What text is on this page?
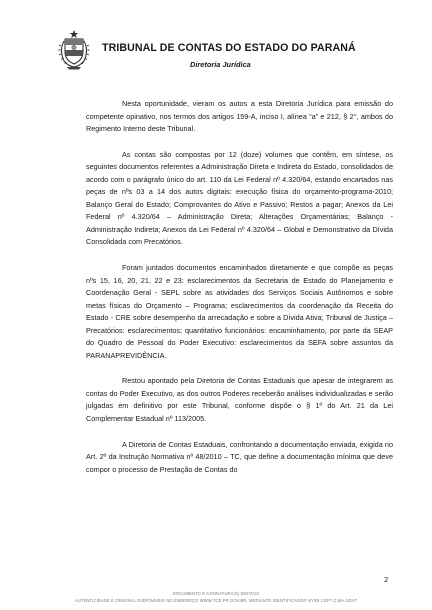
TRIBUNAL DE CONTAS DO ESTADO DO PARANÁ
Diretoria Jurídica

Nesta oportunidade, vieram os autos a esta Diretoria Jurídica para emissão do competente opinativo, nos termos dos artigos 159-A, inciso I, alínea “a” e 212, § 2°, ambos do Regimento Interno deste Tribunal.

As contas são compostas por 12 (doze) volumes que contêm, em síntese, os seguintes documentos referentes a Administração Direta e Indireta do Estado, consolidados de acordo com o parágrafo único do art. 110 da Lei Federal nº 4.320/64, estando encartados nas peças de nºs 03 a 14 dos autos digitais: execução física do orçamento-programa-2010; Balanço Geral do Estado; Comprovantes do Ativo e Passivo; Restos a pagar; Anexos da Lei Federal nº 4.320/64 – Administração Direta; Alterações Orçamentárias; Balanço - Administração Indireta; Anexos da Lei Federal nº 4.320/64 – Global e Demonstrativo da Dívida Consolidada com Precatórios.

Foram juntados documentos encaminhados diretamente e que compõe as peças nºs 15, 16, 20, 21, 22 e 23: esclarecimentos da Secretaria de Estado do Planejamento e Coordenação Geral - SEPL sobre as atividades dos Serviços Sociais Autônomos e sobre metas físicas do Orçamento – Programa; esclarecimentos da coordenação da Receita do Estado - CRE sobre desempenho da arrecadação e sobre a Dívida Ativa; Tribunal de Justiça – Precatórios: esclarecimentos; quantitativo funcionários: encaminhamento, por parte da SEAP do Quadro de Pessoal do Poder Executivo: esclarecimentos da SEFA sobre assuntos da PARANAPREVIDÊNCIA.

Restou apontado pela Diretoria de Contas Estaduais que apesar de integrarem as contas do Poder Executivo, as dos outros Poderes receberão análises individualizadas e serão julgadas em definitivo por este Tribunal, conforme dispõe o § 1º do Art. 21 da Lei Complementar Estadual nº 113/2005.

A Diretoria de Contas Estaduais, confrontando a documentação enviada, exigida no Art. 2º da Instrução Normativa nº 48/2010 – TC, que define a documentação mínima que deve compor o processo de Prestação de Contas do

2
DOCUMENTO E ASSINATURA(S) DIGITAIS
AUTENTICIDADE E ORIGINAL DISPONÍVEIS NO ENDEREÇO WWW.TCE.PR.GOV.BR, MEDIANTE IDENTIFICADOR NYR8.CGP7.C.MA.XDV7
